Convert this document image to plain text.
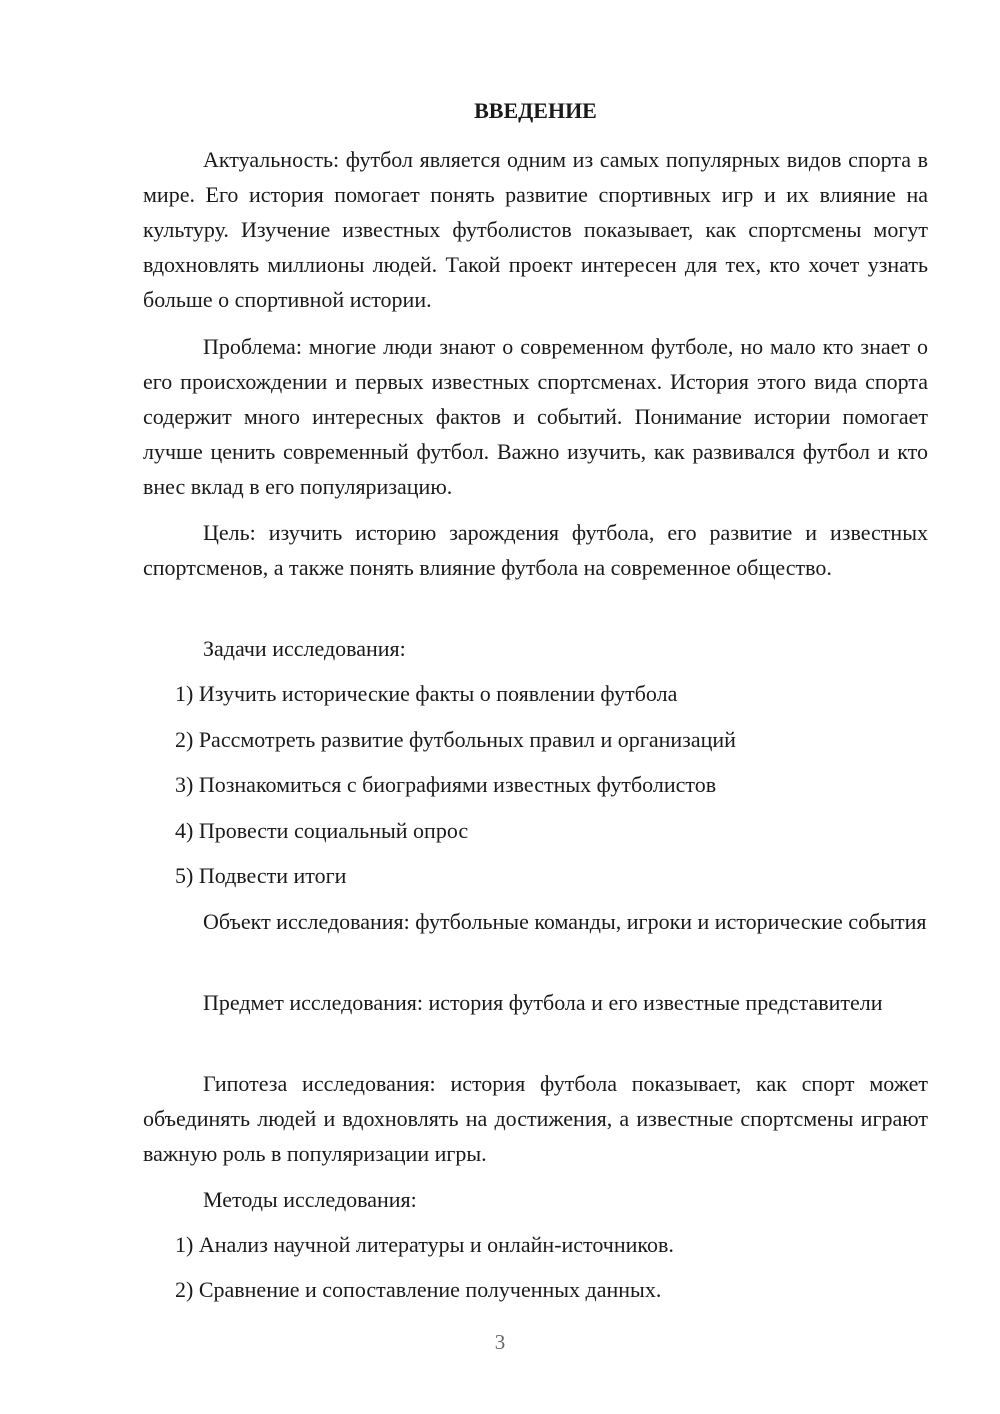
ВВЕДЕНИЕ

Актуальность: футбол является одним из самых популярных видов спорта в мире. Его история помогает понять развитие спортивных игр и их влияние на культуру. Изучение известных футболистов показывает, как спортсмены могут вдохновлять миллионы людей. Такой проект интересен для тех, кто хочет узнать больше о спортивной истории.

Проблема: многие люди знают о современном футболе, но мало кто знает о его происхождении и первых известных спортсменах. История этого вида спорта содержит много интересных фактов и событий. Понимание истории помогает лучше ценить современный футбол. Важно изучить, как развивался футбол и кто внес вклад в его популяризацию.

Цель: изучить историю зарождения футбола, его развитие и известных спортсменов, а также понять влияние футбола на современное общество.

Задачи исследования:

1) Изучить исторические факты о появлении футбола

2) Рассмотреть развитие футбольных правил и организаций

3) Познакомиться с биографиями известных футболистов

4) Провести социальный опрос

5) Подвести итоги

Объект исследования: футбольные команды, игроки и исторические события

Предмет исследования: история футбола и его известные представители

Гипотеза исследования: история футбола показывает, как спорт может объединять людей и вдохновлять на достижения, а известные спортсмены играют важную роль в популяризации игры.

Методы исследования:

1) Анализ научной литературы и онлайн-источников.

2) Сравнение и сопоставление полученных данных.

3
